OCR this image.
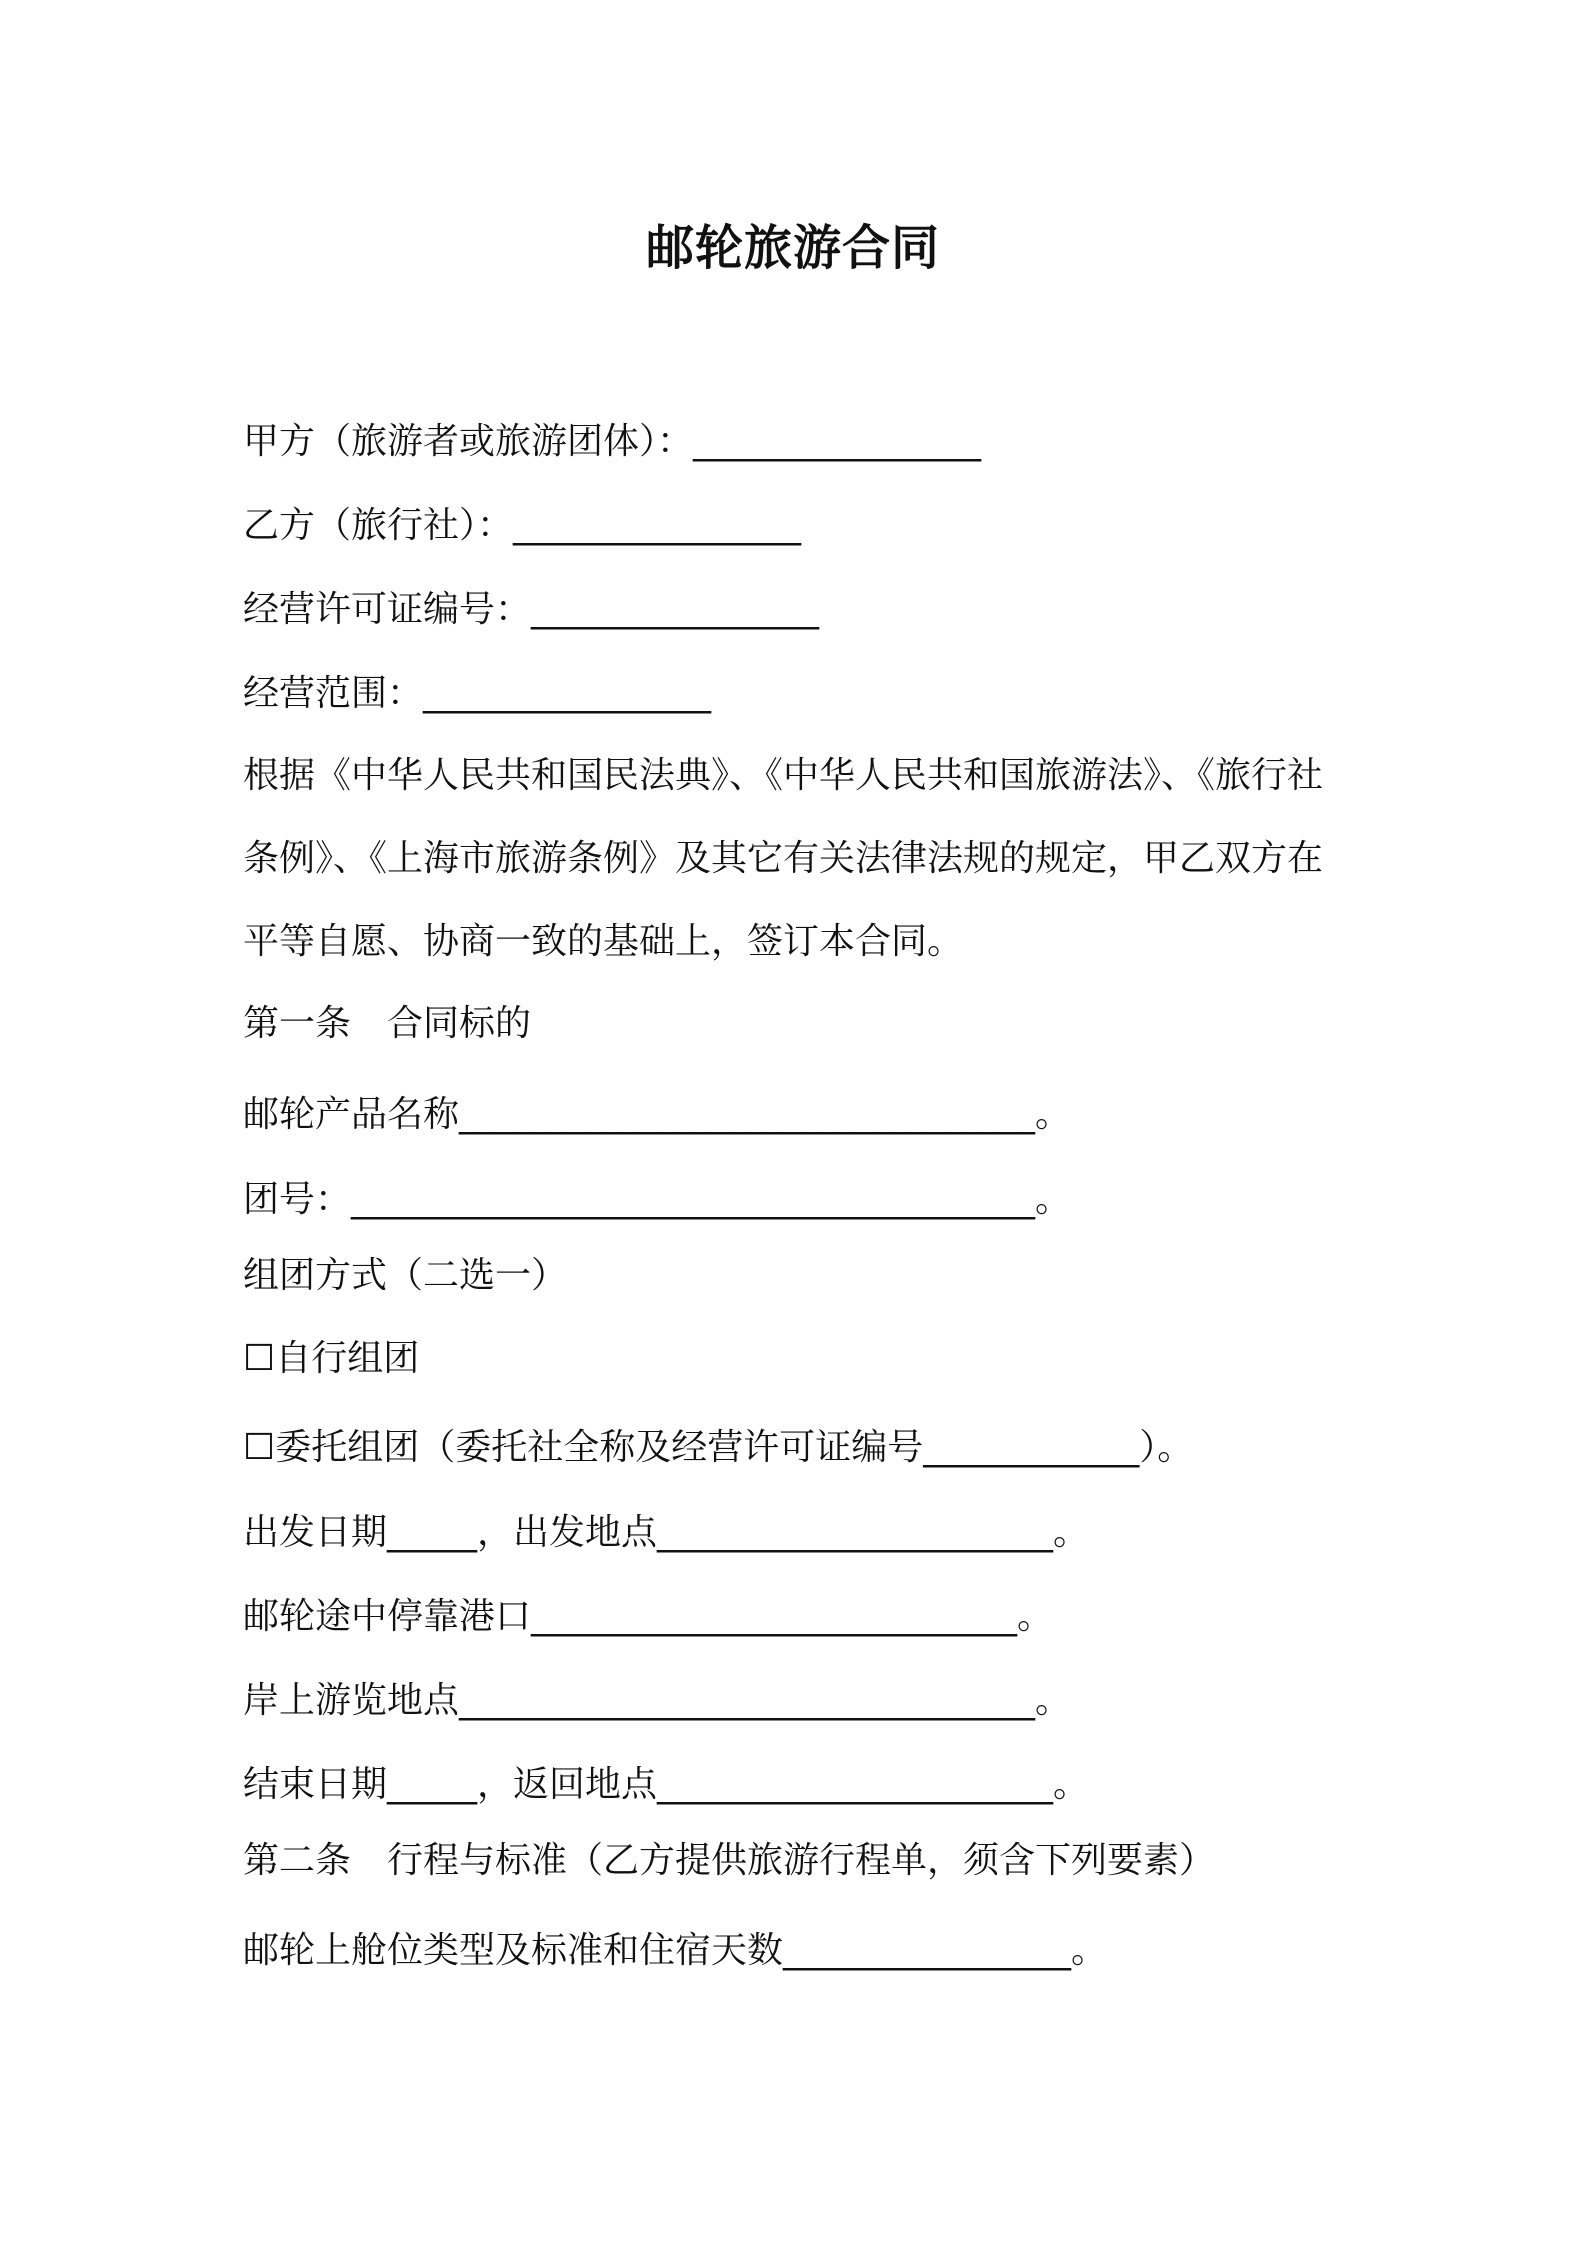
邮轮旅游合同
甲方（旅游者或旅游团体）：________________
乙方（旅行社）：________________
经营许可证编号：________________
经营范围：________________
根据《中华人民共和国民法典》、《中华人民共和国旅游法》、《旅行社
条例》、《上海市旅游条例》及其它有关法律法规的规定，甲乙双方在
平等自愿、协商一致的基础上，签订本合同。
第一条　合同标的
邮轮产品名称________________________________。
团号：______________________________________。
组团方式（二选一）
☐自行组团
☐委托组团（委托社全称及经营许可证编号____________）。
出发日期_____，出发地点______________________。
邮轮途中停靠港口___________________________。
岸上游览地点________________________________。
结束日期_____，返回地点______________________。
第二条　行程与标准（乙方提供旅游行程单，须含下列要素）
邮轮上舱位类型及标准和住宿天数________________。
